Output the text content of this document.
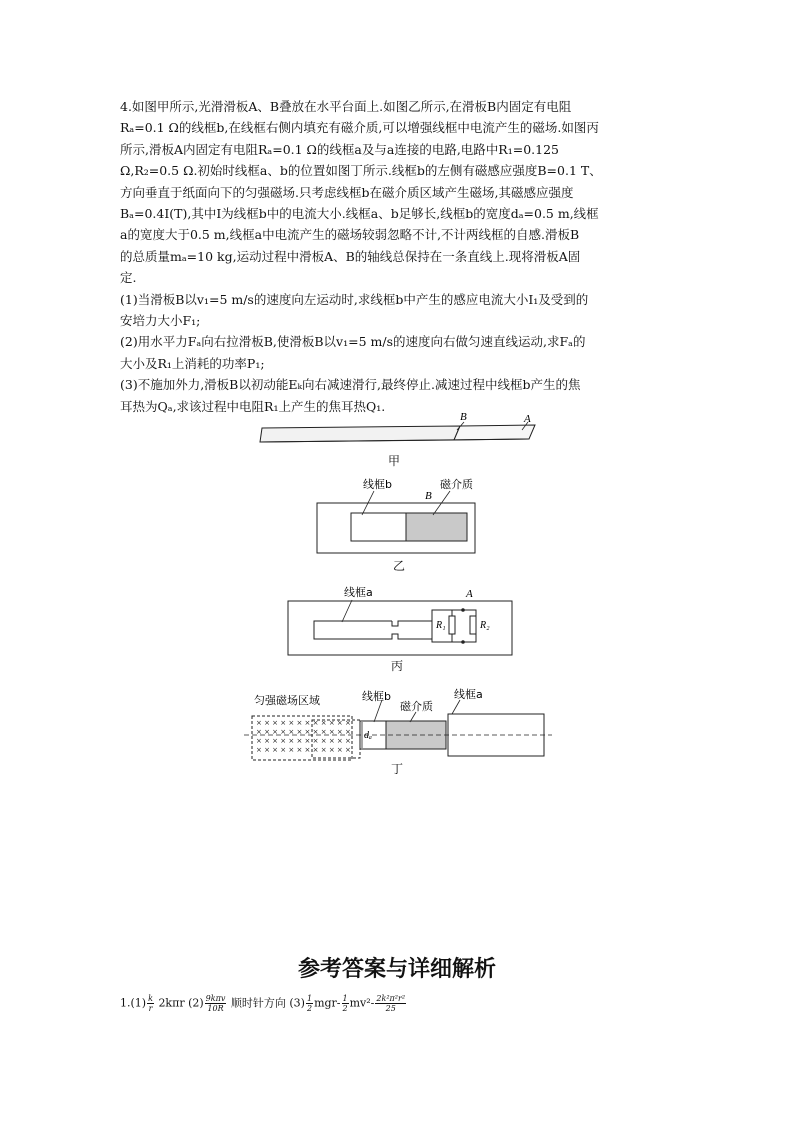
4.如图甲所示,光滑滑板A、B叠放在水平台面上.如图乙所示,在滑板B内固定有电阻

Rₐ=0.1 Ω的线框b,在线框右侧内填充有磁介质,可以增强线框中电流产生的磁场.如图丙

所示,滑板A内固定有电阻Rₐ=0.1 Ω的线框a及与a连接的电路,电路中R₁=0.125

Ω,R₂=0.5 Ω.初始时线框a、b的位置如图丁所示.线框b的左侧有磁感应强度B=0.1 T、

方向垂直于纸面向下的匀强磁场.只考虑线框b在磁介质区域产生磁场,其磁感应强度

Bₐ=0.4I(T),其中I为线框b中的电流大小.线框a、b足够长,线框b的宽度dₐ=0.5 m,线框

a的宽度大于0.5 m,线框a中电流产生的磁场较弱忽略不计,不计两线框的自感.滑板B

的总质量mₐ=10 kg,运动过程中滑板A、B的轴线总保持在一条直线上.现将滑板A固

定.

(1)当滑板B以v₁=5 m/s的速度向左运动时,求线框b中产生的感应电流大小I₁及受到的

安培力大小F₁;

(2)用水平力Fₐ向右拉滑板B,使滑板B以v₁=5 m/s的速度向右做匀速直线运动,求Fₐ的

大小及R₁上消耗的功率P₁;

(3)不施加外力,滑板B以初动能Eₖ向右减速滑行,最终停止.减速过程中线框b产生的焦

耳热为Qₐ,求该过程中电阻R₁上产生的焦耳热Q₁.

B	A
甲
线框b
B
磁介质
乙
线框a	A
R₁	R₂
丙
× × × × × × × × × × × ×
× × × × × × × × × × × ×
× × × × × × × × × × × ×
× × × × × × × × × × × ×
dₐ
匀强磁场区域	线框b
磁介质
线框a
丁
参考答案与详细解析
$1.(1) \frac{k}{r} 2k\pi r$ $(2) \frac{\text{9kπv}}{10R}$ 顺时针方向 $(3) \frac{1}{2} mgr- \frac{1}{2} mv^2- \frac{\text{2k²π²r²}}{25}$
